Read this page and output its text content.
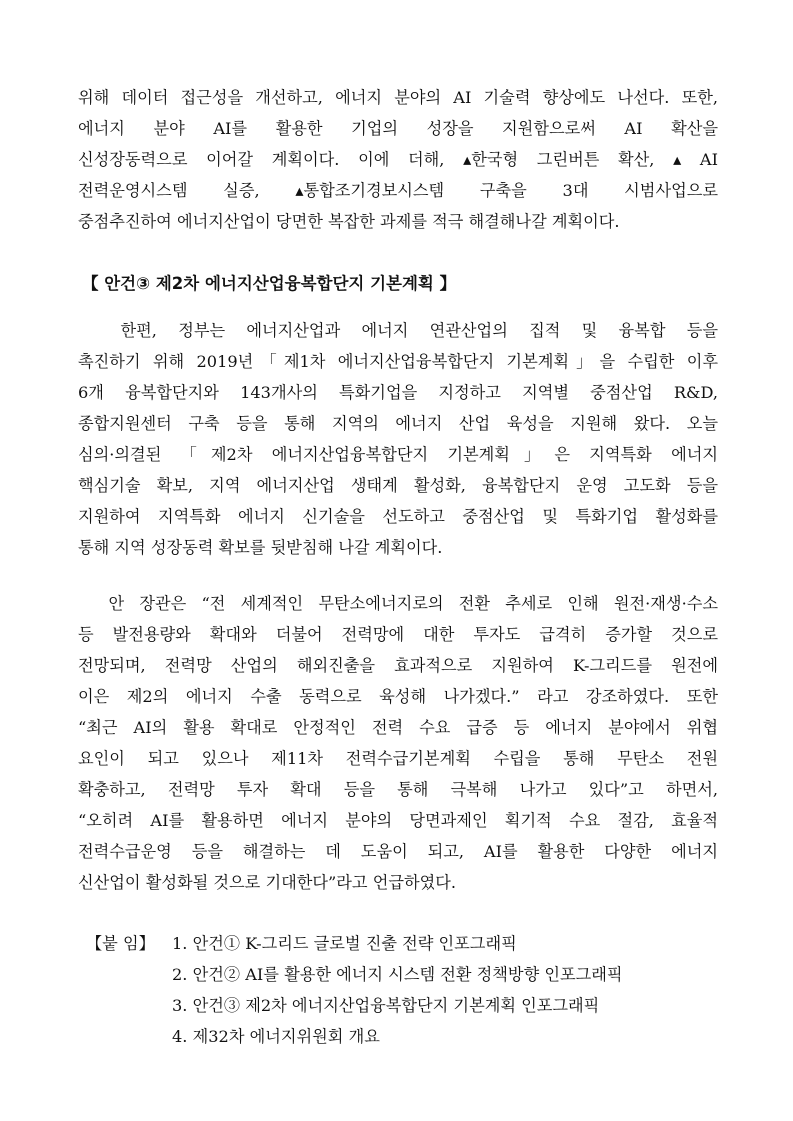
위해 데이터 접근성을 개선하고, 에너지 분야의 AI 기술력 향상에도 나선다. 또한,

에너지 분야 AI를 활용한 기업의 성장을 지원함으로써 AI 확산을

신성장동력으로 이어갈 계획이다. 이에 더해, ▴한국형 그린버튼 확산, ▴ AI

전력운영시스템 실증, ▴통합조기경보시스템 구축을 3대 시범사업으로

중점추진하여 에너지산업이 당면한 복잡한 과제를 적극 해결해나갈 계획이다.

【 안건③ 제2차 에너지산업융복합단지 기본계획 】

한편, 정부는 에너지산업과 에너지 연관산업의 집적 및 융복합 등을

촉진하기 위해 2019년「제1차 에너지산업융복합단지 기본계획」을 수립한 이후

6개 융복합단지와 143개사의 특화기업을 지정하고 지역별 중점산업 R&D,

종합지원센터 구축 등을 통해 지역의 에너지 산업 육성을 지원해 왔다. 오늘

심의·의결된 「제2차 에너지산업융복합단지 기본계획」은 지역특화 에너지

핵심기술 확보, 지역 에너지산업 생태계 활성화, 융복합단지 운영 고도화 등을

지원하여 지역특화 에너지 신기술을 선도하고 중점산업 및 특화기업 활성화를

통해 지역 성장동력 확보를 뒷받침해 나갈 계획이다.

안 장관은 “전 세계적인 무탄소에너지로의 전환 추세로 인해 원전·재생·수소

등 발전용량와 확대와 더불어 전력망에 대한 투자도 급격히 증가할 것으로

전망되며, 전력망 산업의 해외진출을 효과적으로 지원하여 K-그리드를 원전에

이은 제2의 에너지 수출 동력으로 육성해 나가겠다.” 라고 강조하였다. 또한

“최근 AI의 활용 확대로 안정적인 전력 수요 급증 등 에너지 분야에서 위협

요인이 되고 있으나 제11차 전력수급기본계획 수립을 통해 무탄소 전원

확충하고, 전력망 투자 확대 등을 통해 극복해 나가고 있다”고 하면서,

“오히려 AI를 활용하면 에너지 분야의 당면과제인 획기적 수요 절감, 효율적

전력수급운영 등을 해결하는 데 도움이 되고, AI를 활용한 다양한 에너지

신산업이 활성화될 것으로 기대한다”라고 언급하였다.

【붙 임】	1. 안건① K-그리드 글로벌 진출 전략 인포그래픽
2. 안건② AI를 활용한 에너지 시스템 전환 정책방향 인포그래픽
3. 안건③ 제2차 에너지산업융복합단지 기본계획 인포그래픽
4. 제32차 에너지위원회 개요
